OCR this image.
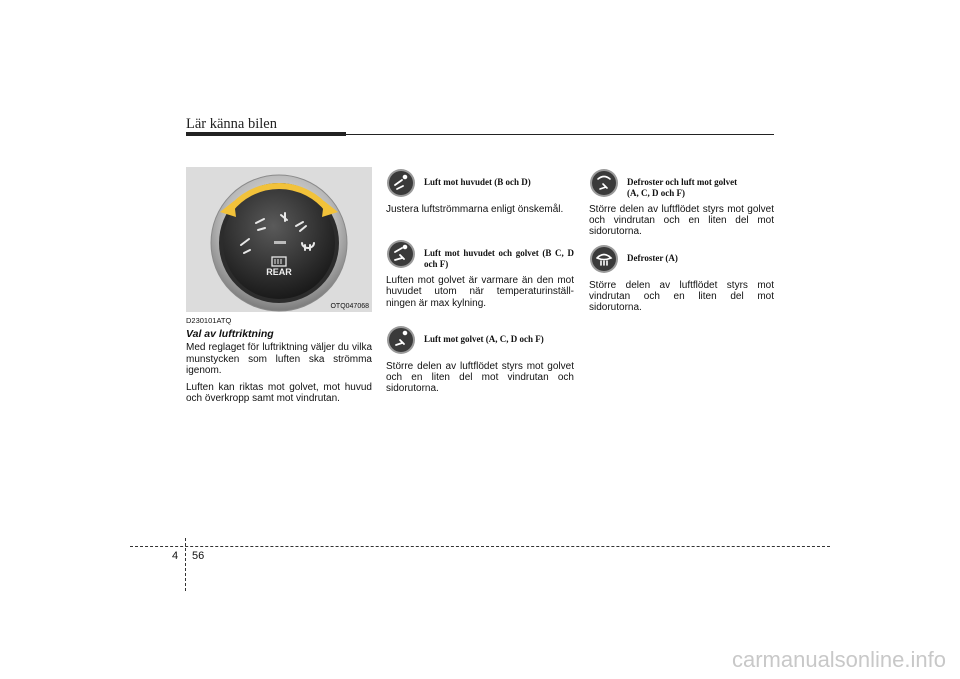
Lär känna bilen
REAR
OTQ047068
D230101ATQ
Val av luftriktning

Med reglaget för luftriktning väljer du vilka munstycken som luften ska strömma igenom.

Luften kan riktas mot golvet, mot huvud och överkropp samt mot vindrutan.

Luft mot huvudet (B och D)

Justera luftströmmarna enligt önskemål.

Luft mot huvudet och golvet (B C, D och F)

Luften mot golvet är varmare än den mot huvudet utom när temperaturinställ- ningen är max kylning.

Luft mot golvet (A, C, D och F)

Större delen av luftflödet styrs mot golvet och en liten del mot vindrutan och sidorutorna.

Defroster och luft mot golvet
(A, C, D och F)

Större delen av luftflödet styrs mot golvet och vindrutan och en liten del mot sidorutorna.

Defroster (A)

Större delen av luftflödet styrs mot vindrutan och en liten del mot sidorutorna.

4 56
carmanualsonline.info
